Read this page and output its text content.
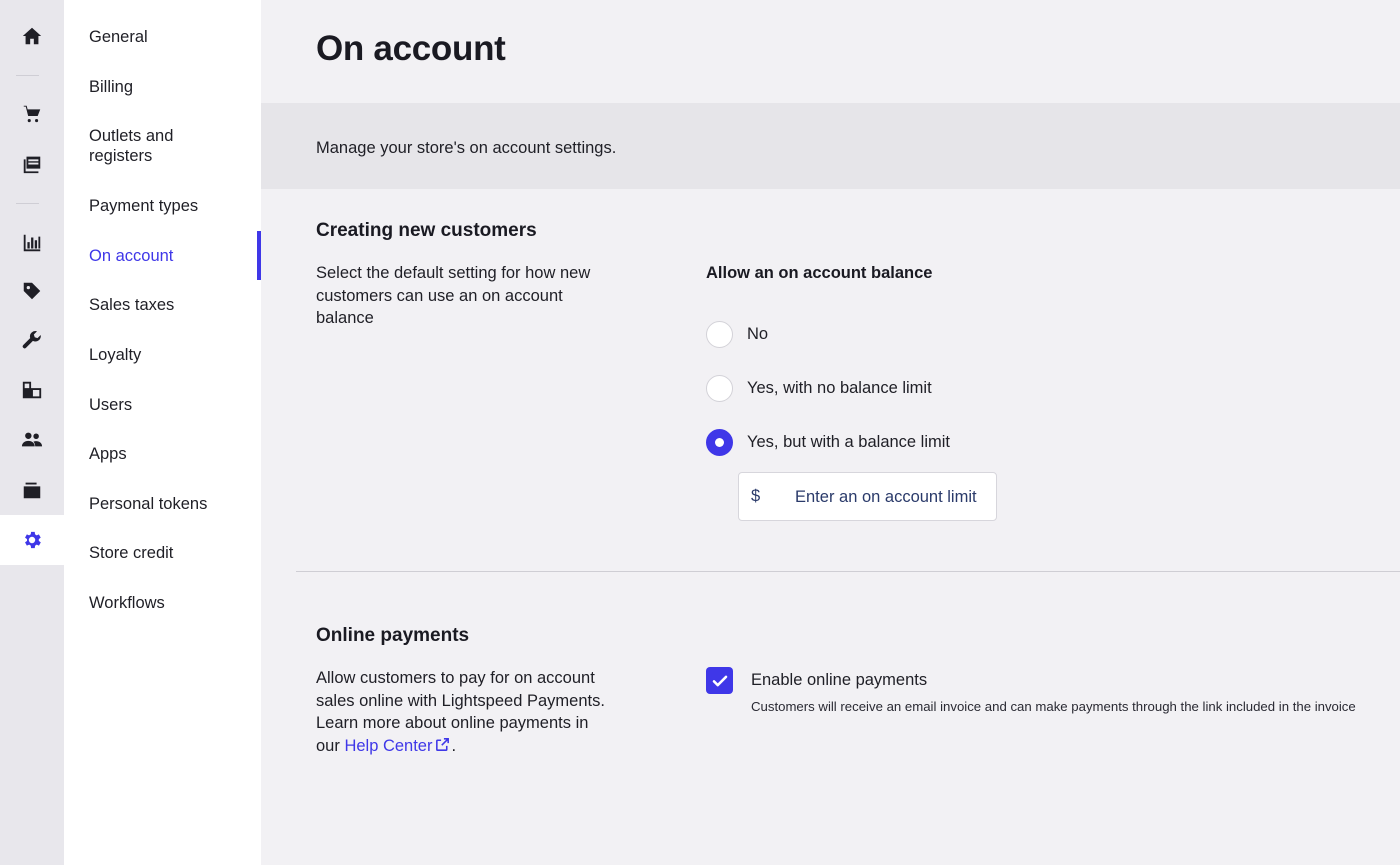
General
Billing
Outlets and registers
Payment types
On account
Sales taxes
Loyalty
Users
Apps
Personal tokens
Store credit
Workflows
On account
Manage your store's on account settings.
Creating new customers

Select the default setting for how new customers can use an on account balance

Allow an on account balance
No
Yes, with no balance limit
Yes, but with a balance limit
$
Enter an on account limit
Online payments

Allow customers to pay for on account sales online with Lightspeed Payments. Learn more about online payments in our Help Center .

Enable online payments
Customers will receive an email invoice and can make payments through the link included in the invoice
